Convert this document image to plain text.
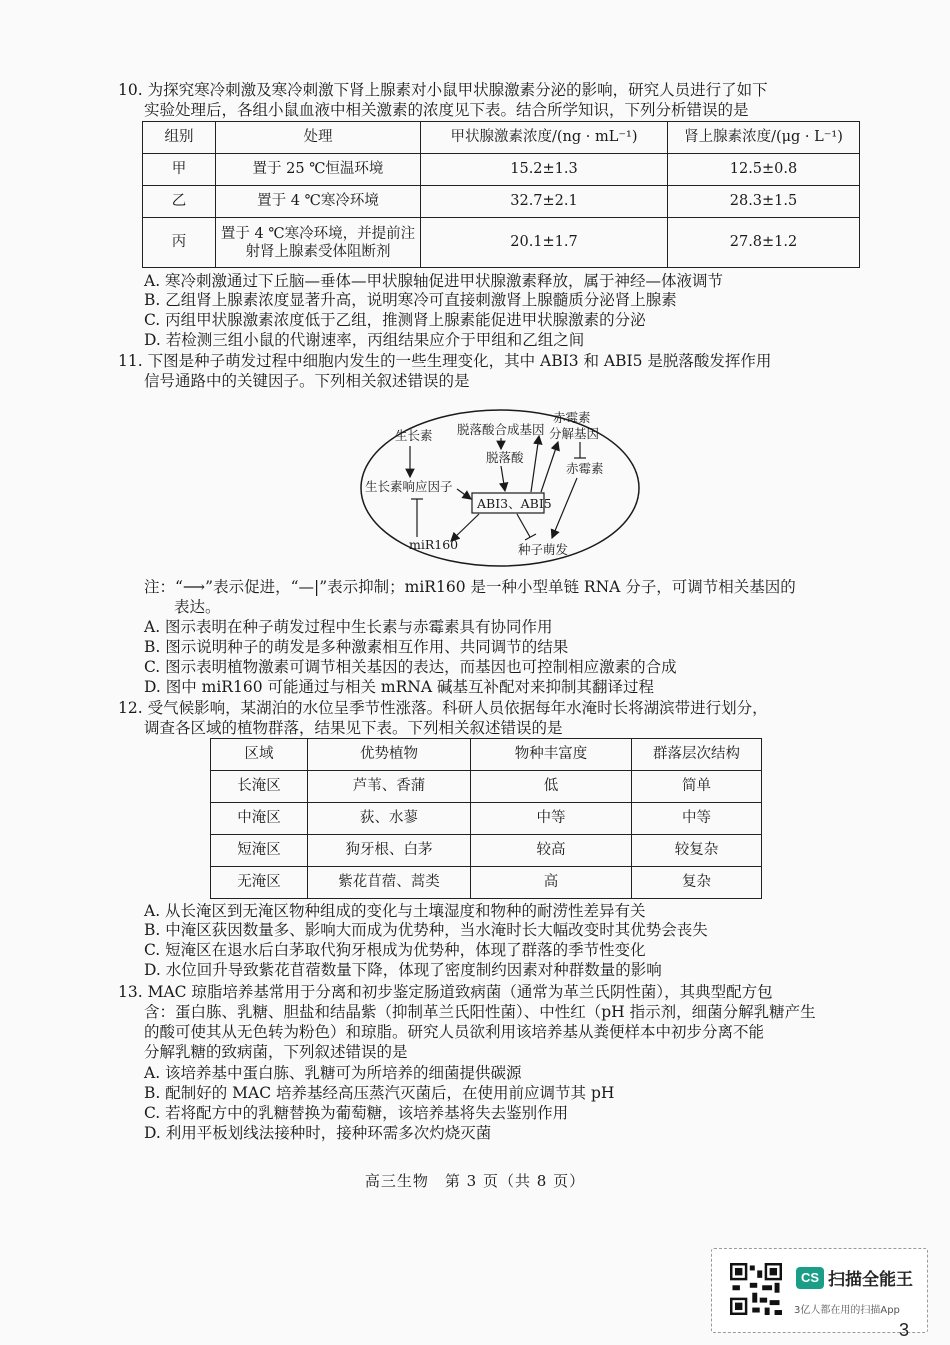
10. 为探究寒冷刺激及寒冷刺激下肾上腺素对小鼠甲状腺激素分泌的影响，研究人员进行了如下
实验处理后，各组小鼠血液中相关激素的浓度见下表。结合所学知识，下列分析错误的是
组别	处理	甲状腺激素浓度/(ng · mL⁻¹)	肾上腺素浓度/(μg · L⁻¹)
甲	置于 25 ℃恒温环境	15.2±1.3	12.5±0.8
乙	置于 4 ℃寒冷环境	32.7±2.1	28.3±1.5
丙	置于 4 ℃寒冷环境，并提前注
射肾上腺素受体阻断剂	20.1±1.7	27.8±1.2
A. 寒冷刺激通过下丘脑—垂体—甲状腺轴促进甲状腺激素释放，属于神经—体液调节
B. 乙组肾上腺素浓度显著升高，说明寒冷可直接刺激肾上腺髓质分泌肾上腺素
C. 丙组甲状腺激素浓度低于乙组，推测肾上腺素能促进甲状腺激素的分泌
D. 若检测三组小鼠的代谢速率，丙组结果应介于甲组和乙组之间
11. 下图是种子萌发过程中细胞内发生的一些生理变化，其中 ABI3 和 ABI5 是脱落酸发挥作用
信号通路中的关键因子。下列相关叙述错误的是
生长素 脱落酸合成基因
赤霉素
分解基因
脱落酸
赤霉素
生长素响应因子
ABI3、ABI5
miR160	种子萌发
注：“⟶”表示促进，“—|”表示抑制；miR160 是一种小型单链 RNA 分子，可调节相关基因的
表达。
A. 图示表明在种子萌发过程中生长素与赤霉素具有协同作用
B. 图示说明种子的萌发是多种激素相互作用、共同调节的结果
C. 图示表明植物激素可调节相关基因的表达，而基因也可控制相应激素的合成
D. 图中 miR160 可能通过与相关 mRNA 碱基互补配对来抑制其翻译过程
12. 受气候影响，某湖泊的水位呈季节性涨落。科研人员依据每年水淹时长将湖滨带进行划分，
调查各区域的植物群落，结果见下表。下列相关叙述错误的是
区域	优势植物	物种丰富度	群落层次结构
长淹区	芦苇、香蒲	低	简单
中淹区	荻、水蓼	中等	中等
短淹区	狗牙根、白茅	较高	较复杂
无淹区	紫花苜蓿、蒿类	高	复杂
A. 从长淹区到无淹区物种组成的变化与土壤湿度和物种的耐涝性差异有关
B. 中淹区荻因数量多、影响大而成为优势种，当水淹时长大幅改变时其优势会丧失
C. 短淹区在退水后白茅取代狗牙根成为优势种，体现了群落的季节性变化
D. 水位回升导致紫花苜蓿数量下降，体现了密度制约因素对种群数量的影响
13. MAC 琼脂培养基常用于分离和初步鉴定肠道致病菌（通常为革兰氏阴性菌），其典型配方包
含：蛋白胨、乳糖、胆盐和结晶紫（抑制革兰氏阳性菌）、中性红（pH 指示剂，细菌分解乳糖产生
的酸可使其从无色转为粉色）和琼脂。研究人员欲利用该培养基从粪便样本中初步分离不能
分解乳糖的致病菌，下列叙述错误的是
A. 该培养基中蛋白胨、乳糖可为所培养的细菌提供碳源
B. 配制好的 MAC 培养基经高压蒸汽灭菌后，在使用前应调节其 pH
C. 若将配方中的乳糖替换为葡萄糖，该培养基将失去鉴别作用
D. 利用平板划线法接种时，接种环需多次灼烧灭菌
高三生物　第 3 页（共 8 页）
CS 扫描全能王
3亿人都在用的扫描App
3
